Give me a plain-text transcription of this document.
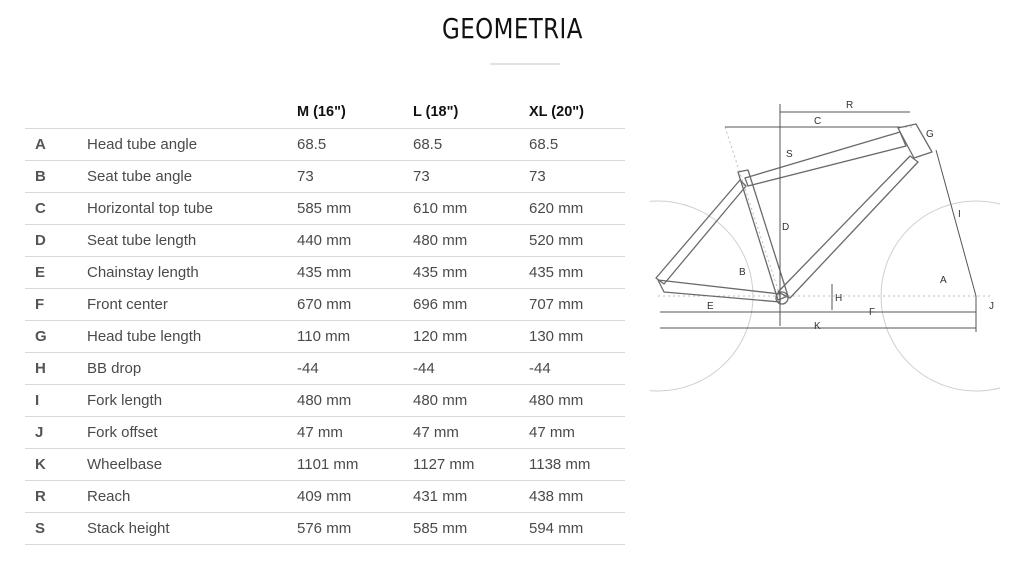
GEOMETRIA
		M (16")	L (18")	XL (20")
A	Head tube angle	68.5	68.5	68.5
B	Seat tube angle	73	73	73
C	Horizontal top tube	585 mm	610 mm	620 mm
D	Seat tube length	440 mm	480 mm	520 mm
E	Chainstay length	435 mm	435 mm	435 mm
F	Front center	670 mm	696 mm	707 mm
G	Head tube length	110 mm	120 mm	130 mm
H	BB drop	-44	-44	-44
I	Fork length	480 mm	480 mm	480 mm
J	Fork offset	47 mm	47 mm	47 mm
K	Wheelbase	1101 mm	1127 mm	1138 mm
R	Reach	409 mm	431 mm	438 mm
S	Stack height	576 mm	585 mm	594 mm
R
C
G
S
I
D
B
A
H
J
E
F
K
